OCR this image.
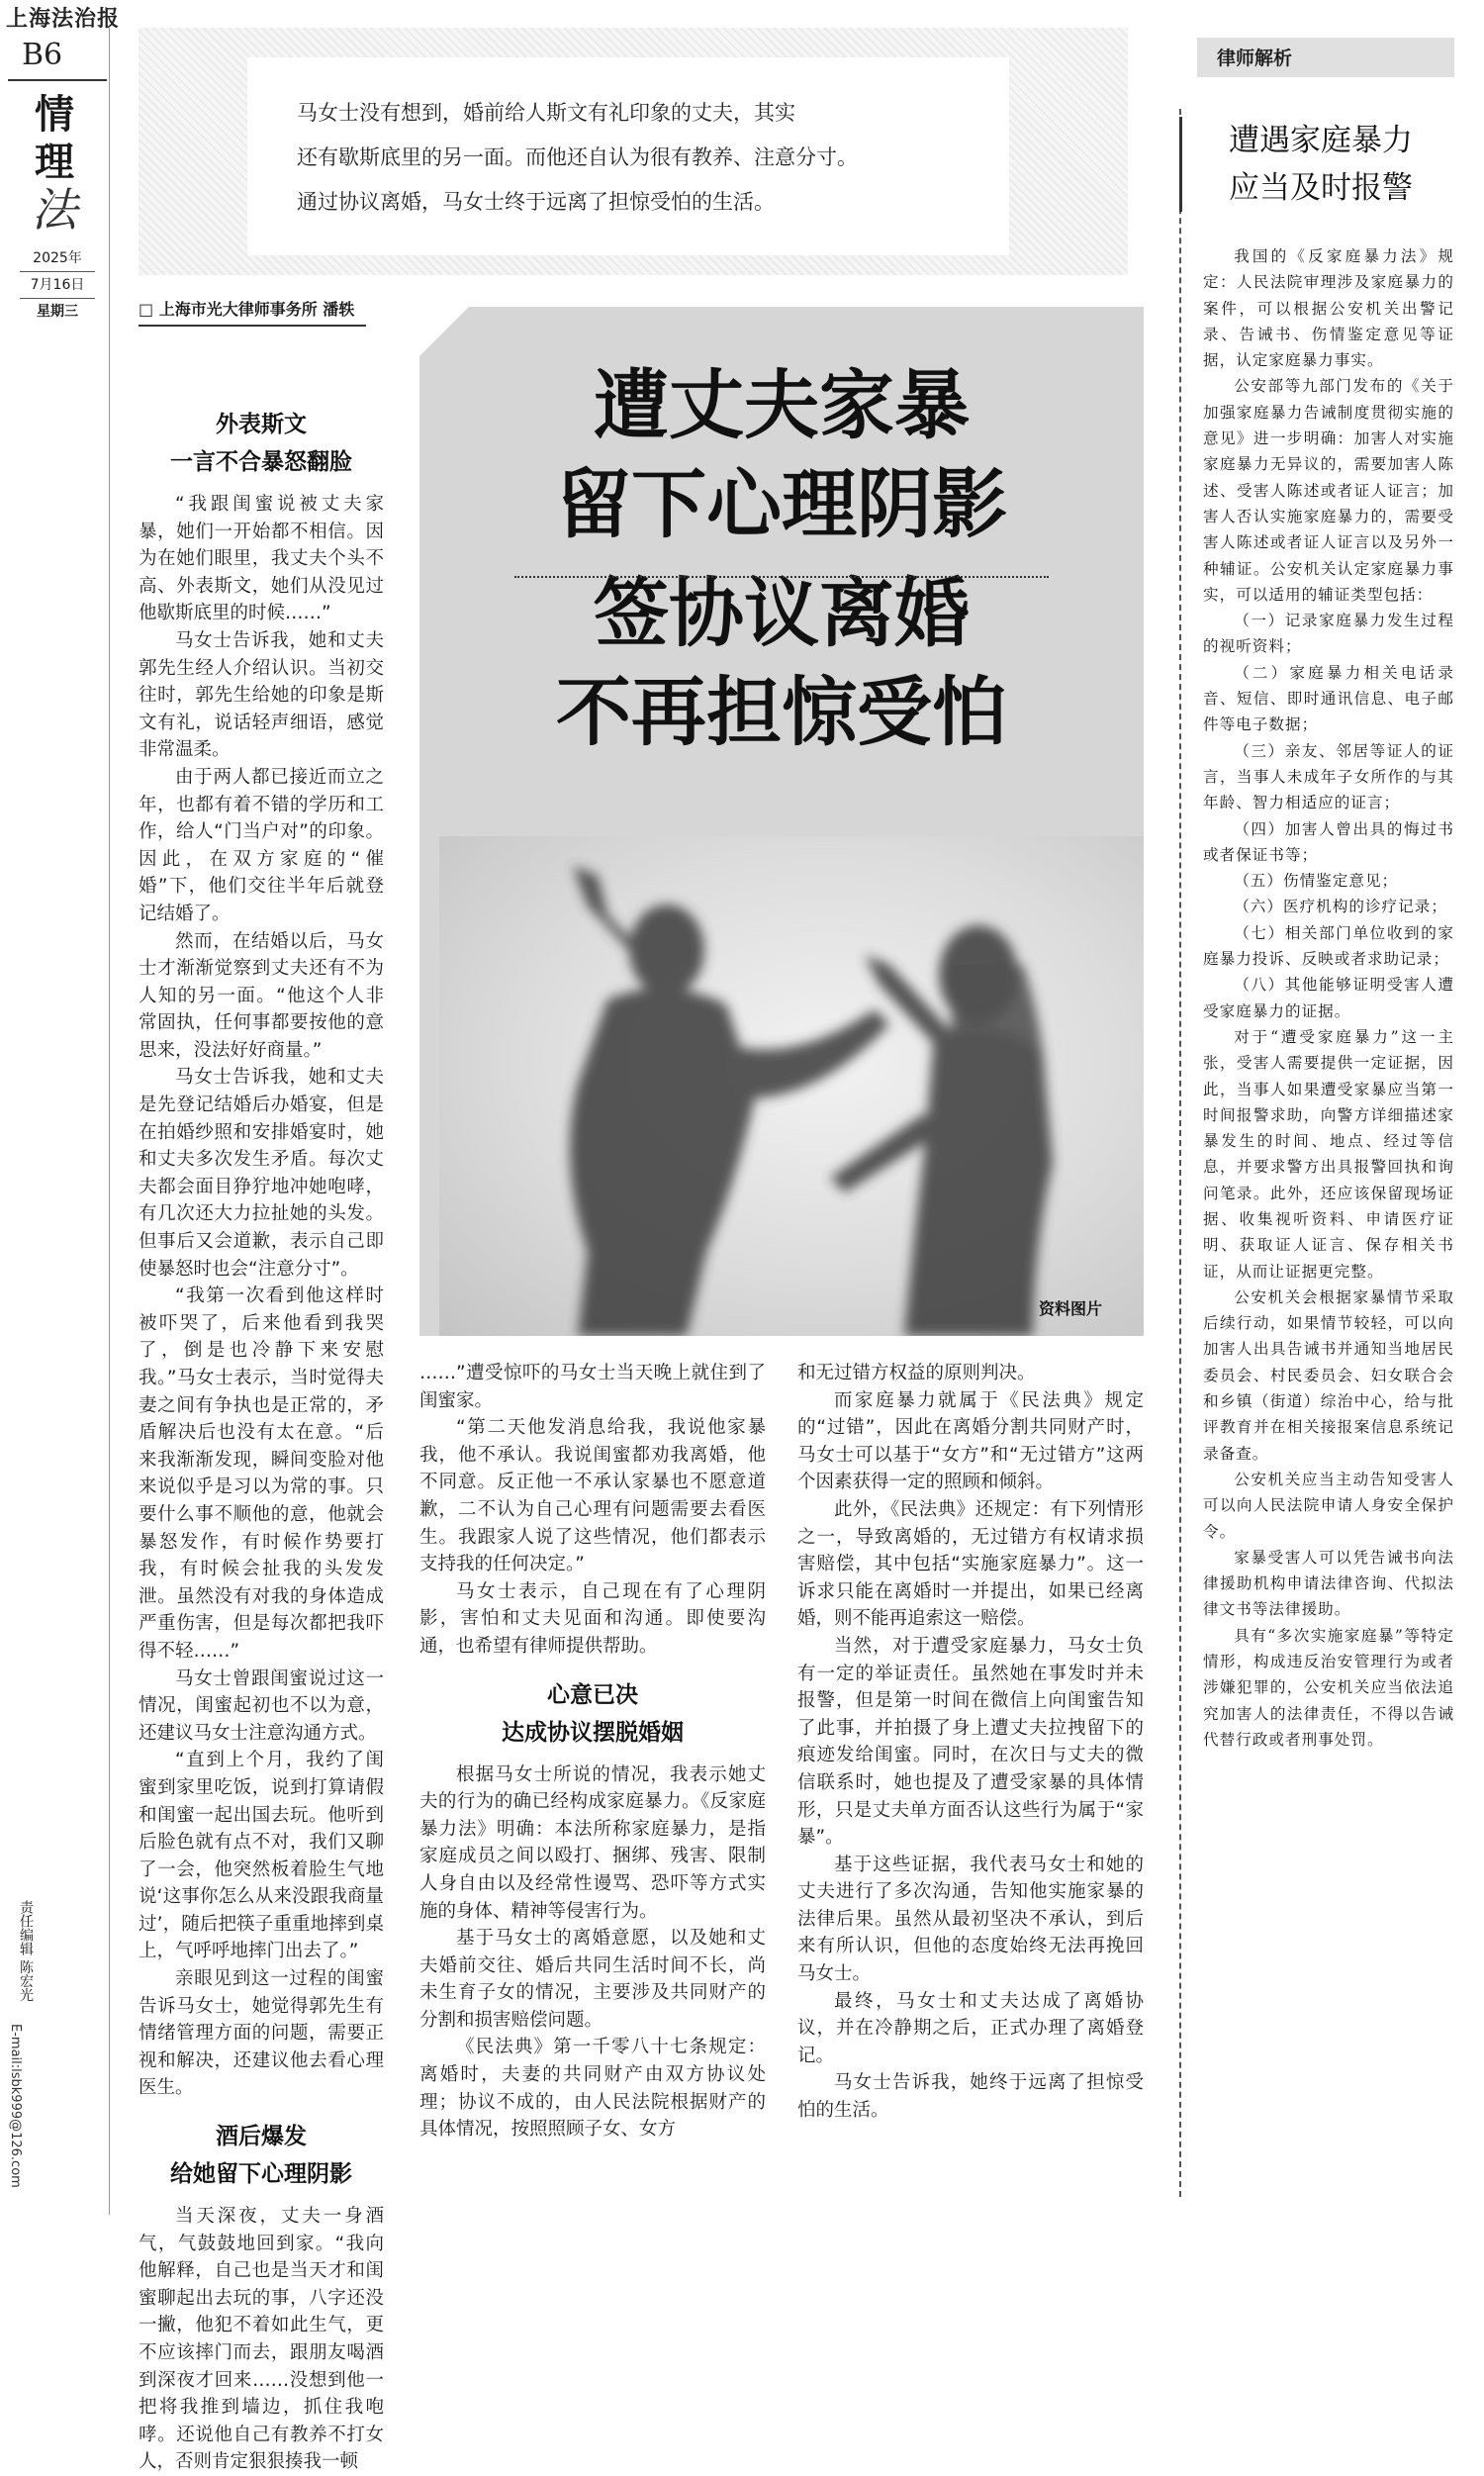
上海法治报
B6
情
理
法
2025年
7月16日
星期三
责任编辑 陈宏光
E-mail:lsbk999@126.com

马女士没有想到，婚前给人斯文有礼印象的丈夫，其实

还有歇斯底里的另一面。而他还自认为很有教养、注意分寸。

通过协议离婚，马女士终于远离了担惊受怕的生活。

□ 上海市光大律师事务所 潘轶
遭丈夫家暴
留下心理阴影
签协议离婚
不再担惊受怕
资料图片
外表斯文
一言不合暴怒翻脸

“我跟闺蜜说被丈夫家暴，她们一开始都不相信。因为在她们眼里，我丈夫个头不高、外表斯文，她们从没见过他歇斯底里的时候……”

马女士告诉我，她和丈夫郭先生经人介绍认识。当初交往时，郭先生给她的印象是斯文有礼，说话轻声细语，感觉非常温柔。

由于两人都已接近而立之年，也都有着不错的学历和工作，给人“门当户对”的印象。因此，在双方家庭的“催婚”下，他们交往半年后就登记结婚了。

然而，在结婚以后，马女士才渐渐觉察到丈夫还有不为人知的另一面。“他这个人非常固执，任何事都要按他的意思来，没法好好商量。”

马女士告诉我，她和丈夫是先登记结婚后办婚宴，但是在拍婚纱照和安排婚宴时，她和丈夫多次发生矛盾。每次丈夫都会面目狰狞地冲她咆哮，有几次还大力拉扯她的头发。但事后又会道歉，表示自己即使暴怒时也会“注意分寸”。

“我第一次看到他这样时被吓哭了，后来他看到我哭了，倒是也冷静下来安慰我。”马女士表示，当时觉得夫妻之间有争执也是正常的，矛盾解决后也没有太在意。“后来我渐渐发现，瞬间变脸对他来说似乎是习以为常的事。只要什么事不顺他的意，他就会暴怒发作，有时候作势要打我，有时候会扯我的头发发泄。虽然没有对我的身体造成严重伤害，但是每次都把我吓得不轻……”

马女士曾跟闺蜜说过这一情况，闺蜜起初也不以为意，还建议马女士注意沟通方式。

“直到上个月，我约了闺蜜到家里吃饭，说到打算请假和闺蜜一起出国去玩。他听到后脸色就有点不对，我们又聊了一会，他突然板着脸生气地说‘这事你怎么从来没跟我商量过’，随后把筷子重重地摔到桌上，气呼呼地摔门出去了。”

亲眼见到这一过程的闺蜜告诉马女士，她觉得郭先生有情绪管理方面的问题，需要正视和解决，还建议他去看心理医生。

酒后爆发
给她留下心理阴影

当天深夜，丈夫一身酒气，气鼓鼓地回到家。“我向他解释，自己也是当天才和闺蜜聊起出去玩的事，八字还没一撇，他犯不着如此生气，更不应该摔门而去，跟朋友喝酒到深夜才回来……没想到他一把将我推到墙边，抓住我咆哮。还说他自己有教养不打女人，否则肯定狠狠揍我一顿

……”遭受惊吓的马女士当天晚上就住到了闺蜜家。

“第二天他发消息给我，我说他家暴我，他不承认。我说闺蜜都劝我离婚，他不同意。反正他一不承认家暴也不愿意道歉，二不认为自己心理有问题需要去看医生。我跟家人说了这些情况，他们都表示支持我的任何决定。”

马女士表示，自己现在有了心理阴影，害怕和丈夫见面和沟通。即使要沟通，也希望有律师提供帮助。

心意已决
达成协议摆脱婚姻

根据马女士所说的情况，我表示她丈夫的行为的确已经构成家庭暴力。《反家庭暴力法》明确：本法所称家庭暴力，是指家庭成员之间以殴打、捆绑、残害、限制人身自由以及经常性谩骂、恐吓等方式实施的身体、精神等侵害行为。

基于马女士的离婚意愿，以及她和丈夫婚前交往、婚后共同生活时间不长，尚未生育子女的情况，主要涉及共同财产的分割和损害赔偿问题。

《民法典》第一千零八十七条规定：离婚时，夫妻的共同财产由双方协议处理；协议不成的，由人民法院根据财产的具体情况，按照照顾子女、女方

和无过错方权益的原则判决。

而家庭暴力就属于《民法典》规定的“过错”，因此在离婚分割共同财产时，马女士可以基于“女方”和“无过错方”这两个因素获得一定的照顾和倾斜。

此外，《民法典》还规定：有下列情形之一，导致离婚的，无过错方有权请求损害赔偿，其中包括“实施家庭暴力”。这一诉求只能在离婚时一并提出，如果已经离婚，则不能再追索这一赔偿。

当然，对于遭受家庭暴力，马女士负有一定的举证责任。虽然她在事发时并未报警，但是第一时间在微信上向闺蜜告知了此事，并拍摄了身上遭丈夫拉拽留下的痕迹发给闺蜜。同时，在次日与丈夫的微信联系时，她也提及了遭受家暴的具体情形，只是丈夫单方面否认这些行为属于“家暴”。

基于这些证据，我代表马女士和她的丈夫进行了多次沟通，告知他实施家暴的法律后果。虽然从最初坚决不承认，到后来有所认识，但他的态度始终无法再挽回马女士。

最终，马女士和丈夫达成了离婚协议，并在冷静期之后，正式办理了离婚登记。

马女士告诉我，她终于远离了担惊受怕的生活。

律师解析
遭遇家庭暴力
应当及时报警

我国的《反家庭暴力法》规定：人民法院审理涉及家庭暴力的案件，可以根据公安机关出警记录、告诫书、伤情鉴定意见等证据，认定家庭暴力事实。

公安部等九部门发布的《关于加强家庭暴力告诫制度贯彻实施的意见》进一步明确：加害人对实施家庭暴力无异议的，需要加害人陈述、受害人陈述或者证人证言；加害人否认实施家庭暴力的，需要受害人陈述或者证人证言以及另外一种辅证。公安机关认定家庭暴力事实，可以适用的辅证类型包括：

（一）记录家庭暴力发生过程的视听资料；

（二）家庭暴力相关电话录音、短信、即时通讯信息、电子邮件等电子数据；

（三）亲友、邻居等证人的证言，当事人未成年子女所作的与其年龄、智力相适应的证言；

（四）加害人曾出具的悔过书或者保证书等；

（五）伤情鉴定意见；

（六）医疗机构的诊疗记录；

（七）相关部门单位收到的家庭暴力投诉、反映或者求助记录；

（八）其他能够证明受害人遭受家庭暴力的证据。

对于“遭受家庭暴力”这一主张，受害人需要提供一定证据，因此，当事人如果遭受家暴应当第一时间报警求助，向警方详细描述家暴发生的时间、地点、经过等信息，并要求警方出具报警回执和询问笔录。此外，还应该保留现场证据、收集视听资料、申请医疗证明、获取证人证言、保存相关书证，从而让证据更完整。

公安机关会根据家暴情节采取后续行动，如果情节较轻，可以向加害人出具告诫书并通知当地居民委员会、村民委员会、妇女联合会和乡镇（街道）综治中心，给与批评教育并在相关接报案信息系统记录备查。

公安机关应当主动告知受害人可以向人民法院申请人身安全保护令。

家暴受害人可以凭告诫书向法律援助机构申请法律咨询、代拟法律文书等法律援助。

具有“多次实施家庭暴”等特定情形，构成违反治安管理行为或者涉嫌犯罪的，公安机关应当依法追究加害人的法律责任，不得以告诫代替行政或者刑事处罚。
